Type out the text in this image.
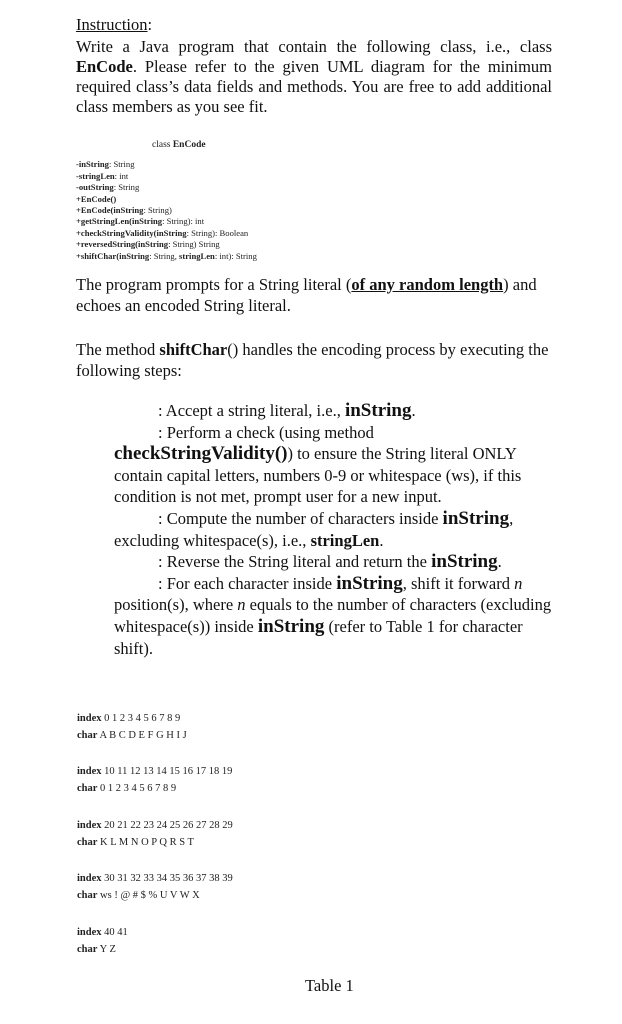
Instruction:
Write a Java program that contain the following class, i.e., class EnCode. Please refer to the given UML diagram for the minimum required class’s data fields and methods. You are free to add additional class members as you see fit.
class EnCode
-inString: String
-stringLen: int
-outString: String
+EnCode()
+EnCode(inString: String)
+getStringLen(inString: String): int
+checkStringValidity(inString: String): Boolean
+reversedString(inString: String) String
+shiftChar(inString: String, stringLen: int): String
The program prompts for a String literal (of any random length) and echoes an encoded String literal.
The method shiftChar() handles the encoding process by executing the following steps:
: Accept a string literal, i.e., inString.
: Perform a check (using method checkStringValidity()) to ensure the String literal ONLY contain capital letters, numbers 0-9 or whitespace (ws), if this condition is not met, prompt user for a new input.
: Compute the number of characters inside inString, excluding whitespace(s), i.e., stringLen.
: Reverse the String literal and return the inString.
: For each character inside inString, shift it forward n position(s), where n equals to the number of characters (excluding whitespace(s)) inside inString (refer to Table 1 for character shift).
index 0 1 2 3 4 5 6 7 8 9
char A B C D E F G H I J
index 10 11 12 13 14 15 16 17 18 19
char 0 1 2 3 4 5 6 7 8 9
index 20 21 22 23 24 25 26 27 28 29
char K L M N O P Q R S T
index 30 31 32 33 34 35 36 37 38 39
char ws ! @ # $ % U V W X
index 40 41
char Y Z
Table 1
